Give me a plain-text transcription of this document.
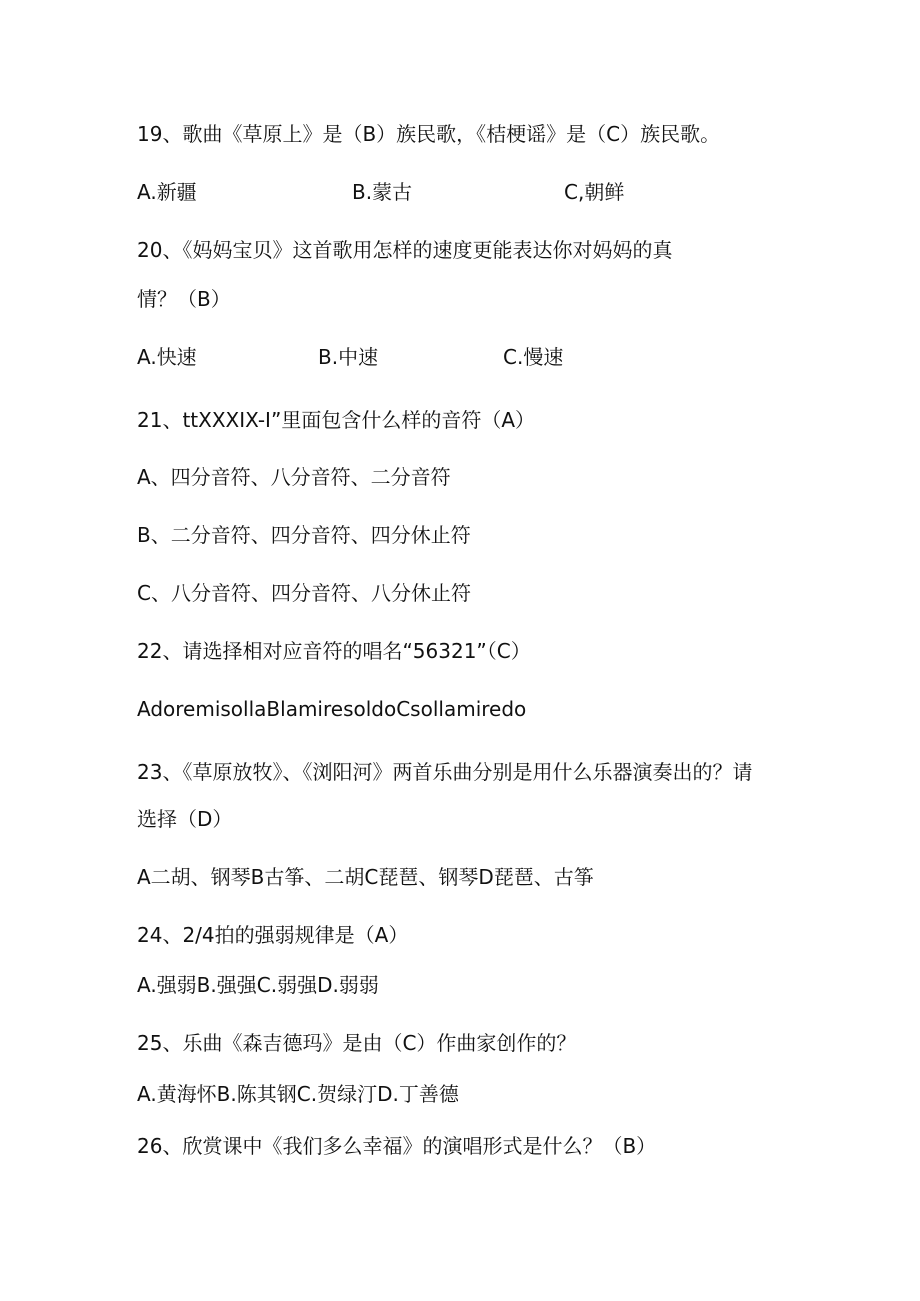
19、歌曲《草原上》是（B）族民歌，《桔梗谣》是（C）族民歌。
A.新疆	B.蒙古	C,朝鲜
20、《妈妈宝贝》这首歌用怎样的速度更能表达你对妈妈的真
情？（B）
A.快速	B.中速	C.慢速
21、ttXXXIX-I”里面包含什么样的音符（A）
A、四分音符、八分音符、二分音符
B、二分音符、四分音符、四分休止符
C、八分音符、四分音符、八分休止符
22、请选择相对应音符的唱名“56321”（C）
AdoremisollaBlamiresoldoCsollamiredo
23、《草原放牧》、《浏阳河》两首乐曲分别是用什么乐器演奏出的？请
选择（D）
A二胡、钢琴B古筝、二胡C琵琶、钢琴D琵琶、古筝
24、2/4拍的强弱规律是（A）
A.强弱B.强强C.弱强D.弱弱
25、乐曲《森吉德玛》是由（C）作曲家创作的？
A.黄海怀B.陈其钢C.贺绿汀D.丁善德
26、欣赏课中《我们多么幸福》的演唱形式是什么？（B）
